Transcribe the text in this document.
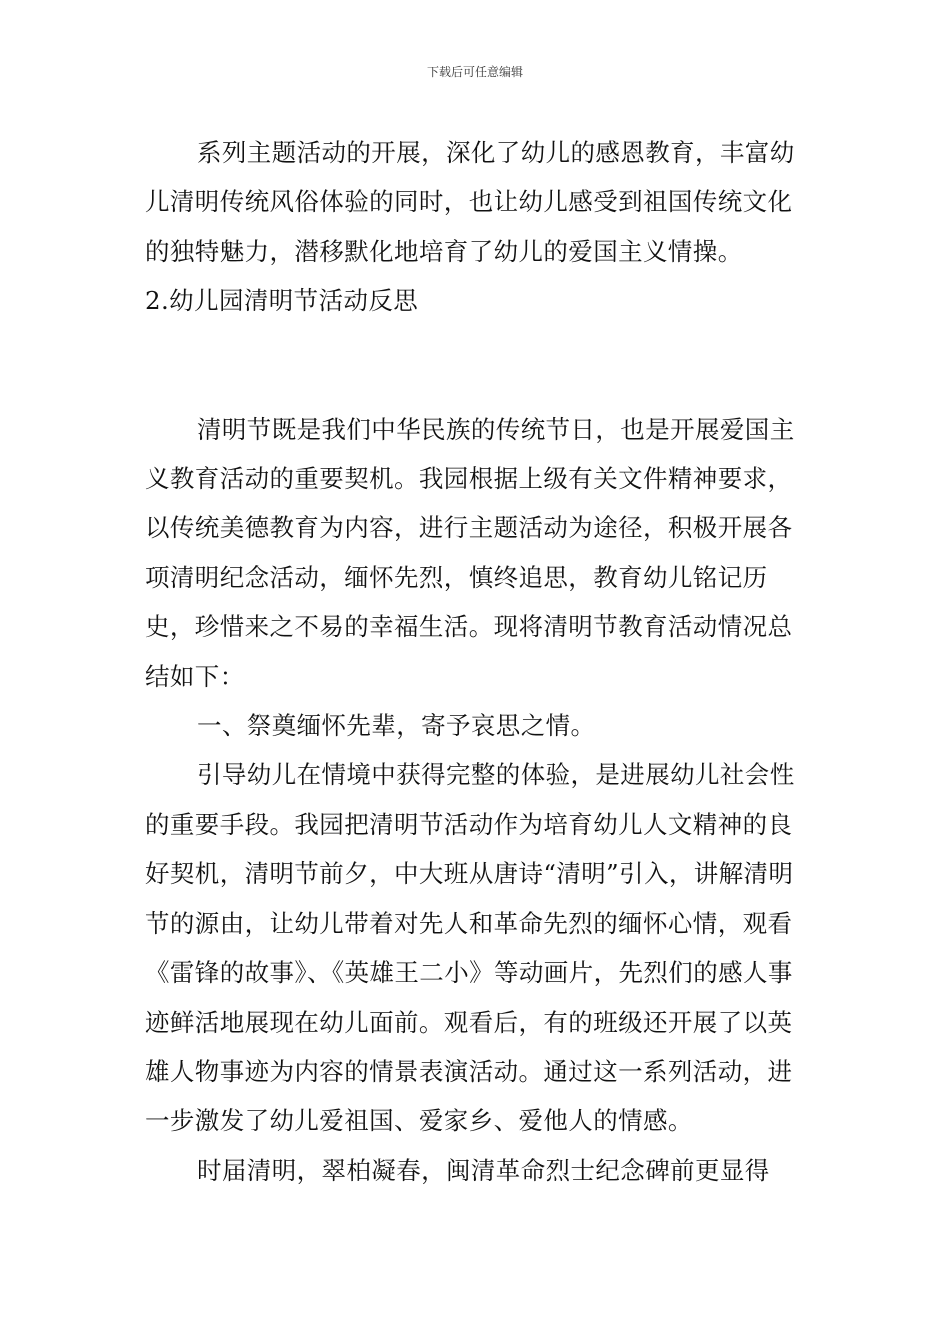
下载后可任意编辑

系列主题活动的开展，深化了幼儿的感恩教育，丰富幼儿清明传统风俗体验的同时，也让幼儿感受到祖国传统文化的独特魅力，潜移默化地培育了幼儿的爱国主义情操。

2.幼儿园清明节活动反思

清明节既是我们中华民族的传统节日，也是开展爱国主义教育活动的重要契机。我园根据上级有关文件精神要求，以传统美德教育为内容，进行主题活动为途径，积极开展各项清明纪念活动，缅怀先烈，慎终追思，教育幼儿铭记历史，珍惜来之不易的幸福生活。现将清明节教育活动情况总结如下：

一、祭奠缅怀先辈，寄予哀思之情。

引导幼儿在情境中获得完整的体验，是进展幼儿社会性的重要手段。我园把清明节活动作为培育幼儿人文精神的良好契机，清明节前夕，中大班从唐诗“清明”引入，讲解清明节的源由，让幼儿带着对先人和革命先烈的缅怀心情，观看《雷锋的故事》、《英雄王二小》等动画片，先烈们的感人事迹鲜活地展现在幼儿面前。观看后，有的班级还开展了以英雄人物事迹为内容的情景表演活动。通过这一系列活动，进一步激发了幼儿爱祖国、爱家乡、爱他人的情感。

时届清明，翠柏凝春，闽清革命烈士纪念碑前更显得
